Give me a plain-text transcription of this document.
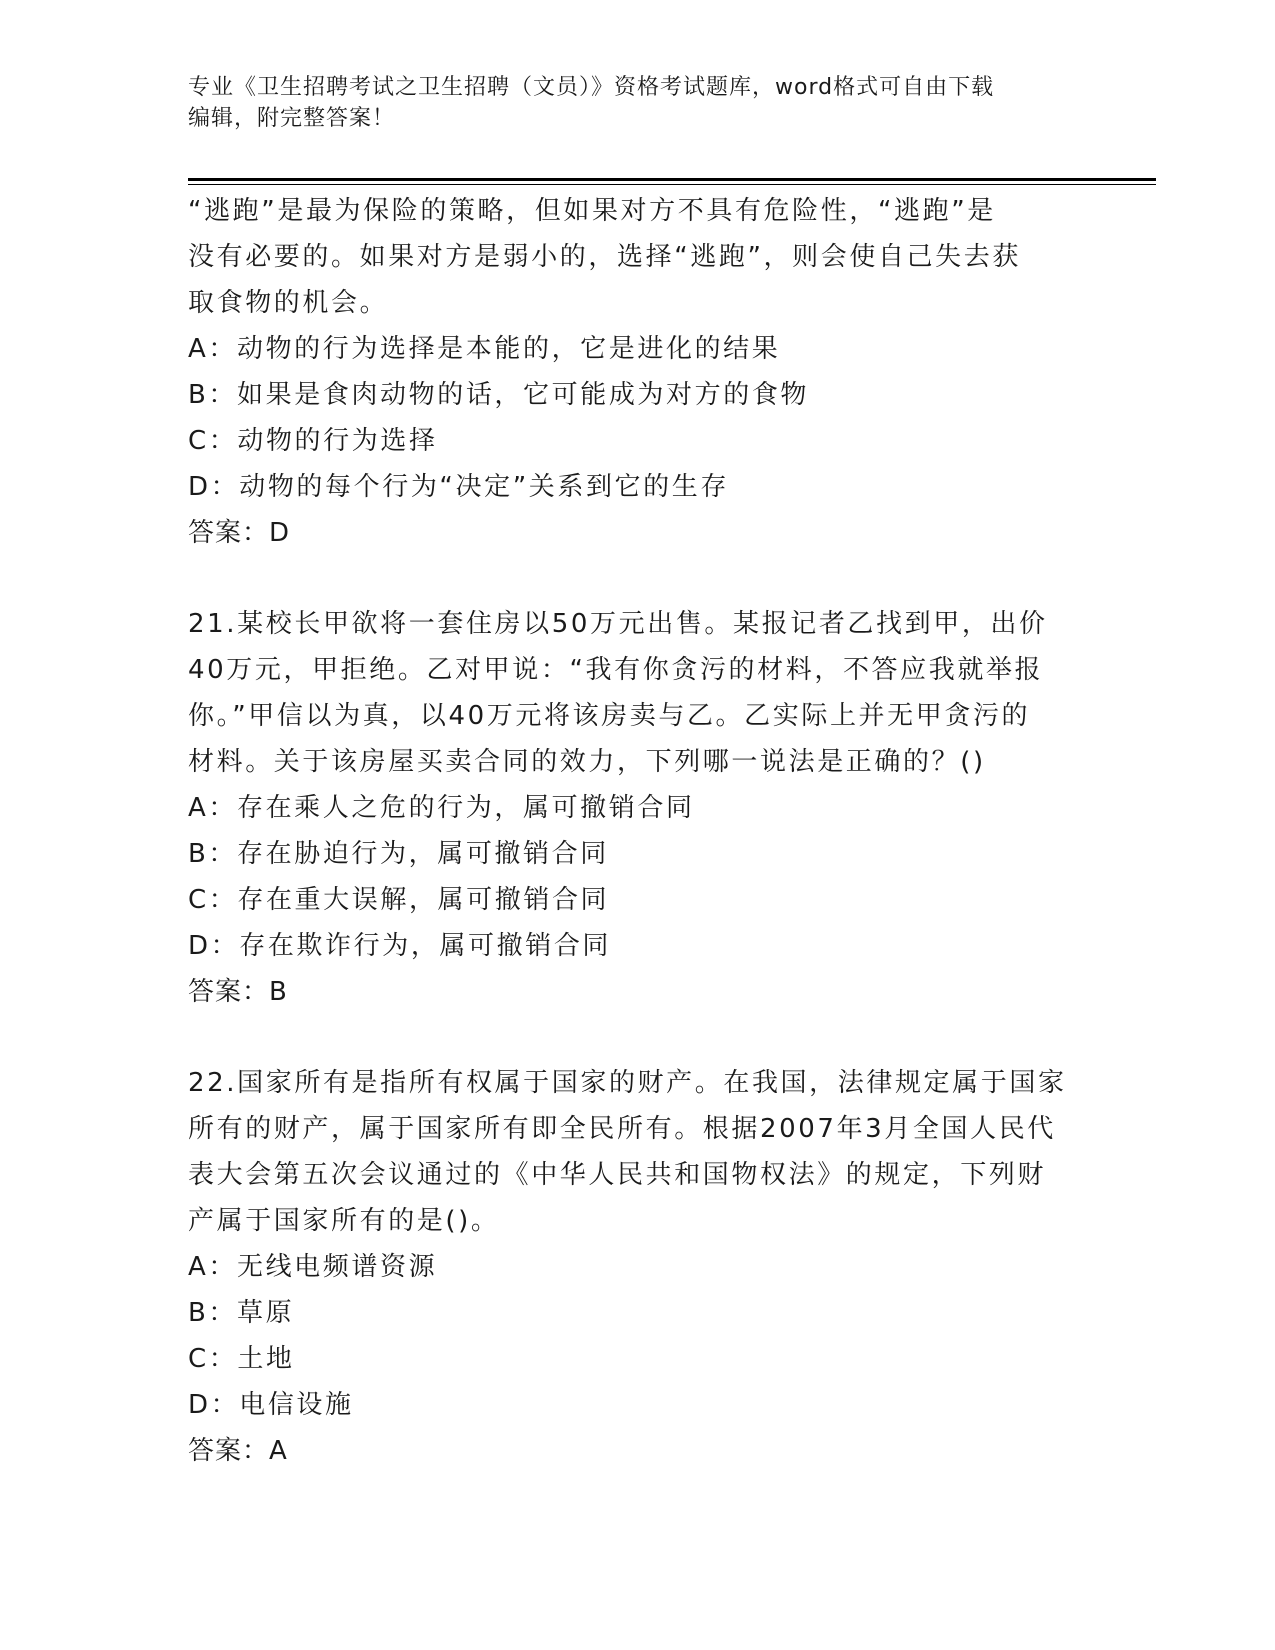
专业《卫生招聘考试之卫生招聘（文员）》资格考试题库，word格式可自由下载
编辑，附完整答案！
“逃跑”是最为保险的策略，但如果对方不具有危险性，“逃跑”是
没有必要的。如果对方是弱小的，选择“逃跑”，则会使自己失去获
取食物的机会。
A：动物的行为选择是本能的，它是进化的结果
B：如果是食肉动物的话，它可能成为对方的食物
C：动物的行为选择
D：动物的每个行为“决定”关系到它的生存
答案：D
21.某校长甲欲将一套住房以50万元出售。某报记者乙找到甲，出价
40万元，甲拒绝。乙对甲说：“我有你贪污的材料，不答应我就举报
你。”甲信以为真，以40万元将该房卖与乙。乙实际上并无甲贪污的
材料。关于该房屋买卖合同的效力，下列哪一说法是正确的？()
A：存在乘人之危的行为，属可撤销合同
B：存在胁迫行为，属可撤销合同
C：存在重大误解，属可撤销合同
D：存在欺诈行为，属可撤销合同
答案：B
22.国家所有是指所有权属于国家的财产。在我国，法律规定属于国家
所有的财产，属于国家所有即全民所有。根据2007年3月全国人民代
表大会第五次会议通过的《中华人民共和国物权法》的规定，下列财
产属于国家所有的是()。
A：无线电频谱资源
B：草原
C：土地
D：电信设施
答案：A
